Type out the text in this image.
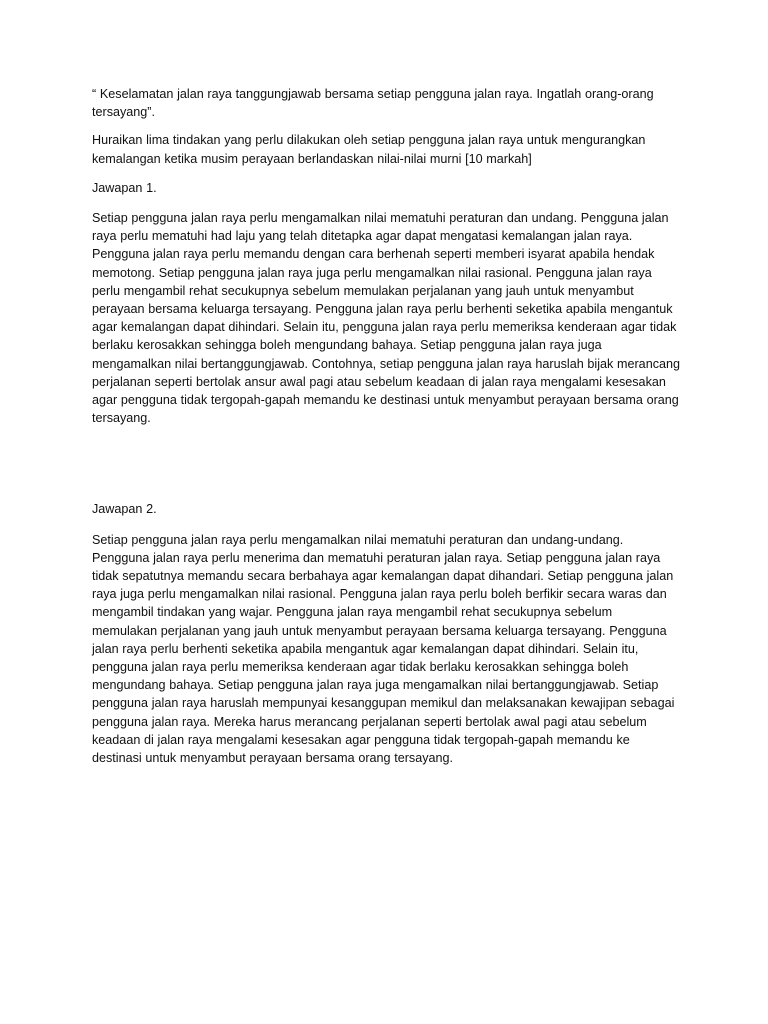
“ Keselamatan jalan raya tanggungjawab bersama setiap pengguna jalan raya. Ingatlah orang-orang tersayang”.

Huraikan lima tindakan yang perlu dilakukan oleh setiap pengguna jalan raya untuk mengurangkan kemalangan ketika musim perayaan berlandaskan nilai-nilai murni [10 markah]

Jawapan 1.

Setiap pengguna jalan raya perlu mengamalkan nilai mematuhi peraturan dan undang. Pengguna jalan raya perlu mematuhi had laju yang telah ditetapka agar dapat mengatasi kemalangan jalan raya. Pengguna jalan raya perlu memandu dengan cara berhenah seperti memberi isyarat apabila hendak memotong. Setiap pengguna jalan raya juga perlu mengamalkan nilai rasional. Pengguna jalan raya perlu mengambil rehat secukupnya sebelum memulakan perjalanan yang jauh untuk menyambut perayaan bersama keluarga tersayang. Pengguna jalan raya perlu berhenti seketika apabila mengantuk agar kemalangan dapat dihindari. Selain itu, pengguna jalan raya perlu memeriksa kenderaan agar tidak berlaku kerosakkan sehingga boleh mengundang bahaya. Setiap pengguna jalan raya juga mengamalkan nilai bertanggungjawab. Contohnya, setiap pengguna jalan raya haruslah bijak merancang perjalanan seperti bertolak ansur awal pagi atau sebelum keadaan di jalan raya mengalami kesesakan agar pengguna tidak tergopah-gapah memandu ke destinasi untuk menyambut perayaan bersama orang tersayang.

Jawapan 2.

Setiap pengguna jalan raya perlu mengamalkan nilai mematuhi peraturan dan undang-undang. Pengguna jalan raya perlu menerima dan mematuhi peraturan jalan raya. Setiap pengguna jalan raya tidak sepatutnya memandu secara berbahaya agar kemalangan dapat dihandari. Setiap pengguna jalan raya juga perlu mengamalkan nilai rasional. Pengguna jalan raya perlu boleh berfikir secara waras dan mengambil tindakan yang wajar. Pengguna jalan raya mengambil rehat secukupnya sebelum memulakan perjalanan yang jauh untuk menyambut perayaan bersama keluarga tersayang. Pengguna jalan raya perlu berhenti seketika apabila mengantuk agar kemalangan dapat dihindari. Selain itu, pengguna jalan raya perlu memeriksa kenderaan agar tidak berlaku kerosakkan sehingga boleh mengundang bahaya. Setiap pengguna jalan raya juga mengamalkan nilai bertanggungjawab. Setiap pengguna jalan raya haruslah mempunyai kesanggupan memikul dan melaksanakan kewajipan sebagai pengguna jalan raya. Mereka harus merancang perjalanan seperti bertolak awal pagi atau sebelum keadaan di jalan raya mengalami kesesakan agar pengguna tidak tergopah-gapah memandu ke destinasi untuk menyambut perayaan bersama orang tersayang.
